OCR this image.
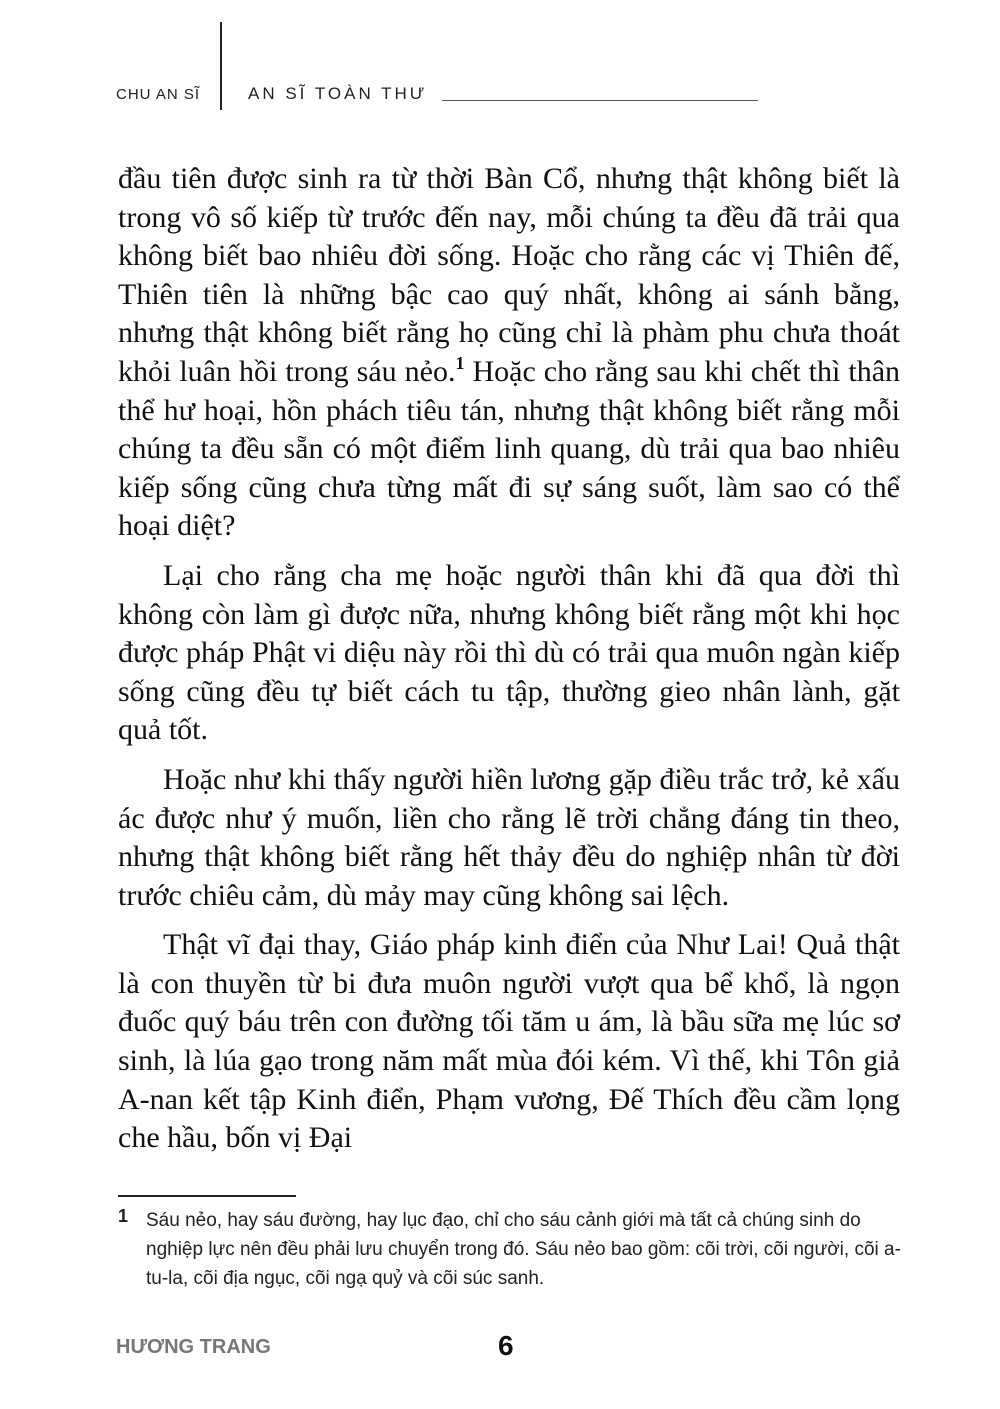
CHU AN SĨ	AN SĨ TOÀN THƯ

đầu tiên được sinh ra từ thời Bàn Cổ, nhưng thật không biết là trong vô số kiếp từ trước đến nay, mỗi chúng ta đều đã trải qua không biết bao nhiêu đời sống. Hoặc cho rằng các vị Thiên đế, Thiên tiên là những bậc cao quý nhất, không ai sánh bằng, nhưng thật không biết rằng họ cũng chỉ là phàm phu chưa thoát khỏi luân hồi trong sáu nẻo.$^1$ Hoặc cho rằng sau khi chết thì thân thể hư hoại, hồn phách tiêu tán, nhưng thật không biết rằng mỗi chúng ta đều sẵn có một điểm linh quang, dù trải qua bao nhiêu kiếp sống cũng chưa từng mất đi sự sáng suốt, làm sao có thể hoại diệt?

Lại cho rằng cha mẹ hoặc người thân khi đã qua đời thì không còn làm gì được nữa, nhưng không biết rằng một khi học được pháp Phật vi diệu này rồi thì dù có trải qua muôn ngàn kiếp sống cũng đều tự biết cách tu tập, thường gieo nhân lành, gặt quả tốt.

Hoặc như khi thấy người hiền lương gặp điều trắc trở, kẻ xấu ác được như ý muốn, liền cho rằng lẽ trời chẳng đáng tin theo, nhưng thật không biết rằng hết thảy đều do nghiệp nhân từ đời trước chiêu cảm, dù mảy may cũng không sai lệch.

Thật vĩ đại thay, Giáo pháp kinh điển của Như Lai! Quả thật là con thuyền từ bi đưa muôn người vượt qua bể khổ, là ngọn đuốc quý báu trên con đường tối tăm u ám, là bầu sữa mẹ lúc sơ sinh, là lúa gạo trong năm mất mùa đói kém. Vì thế, khi Tôn giả A-nan kết tập Kinh điển, Phạm vương, Đế Thích đều cầm lọng che hầu, bốn vị Đại

1 Sáu nẻo, hay sáu đường, hay lục đạo, chỉ cho sáu cảnh giới mà tất cả chúng sinh do nghiệp lực nên đều phải lưu chuyển trong đó. Sáu nẻo bao gồm: cõi trời, cõi người, cõi a-tu-la, cõi địa ngục, cõi ngạ quỷ và cõi súc sanh.
HƯƠNG TRANG	6
